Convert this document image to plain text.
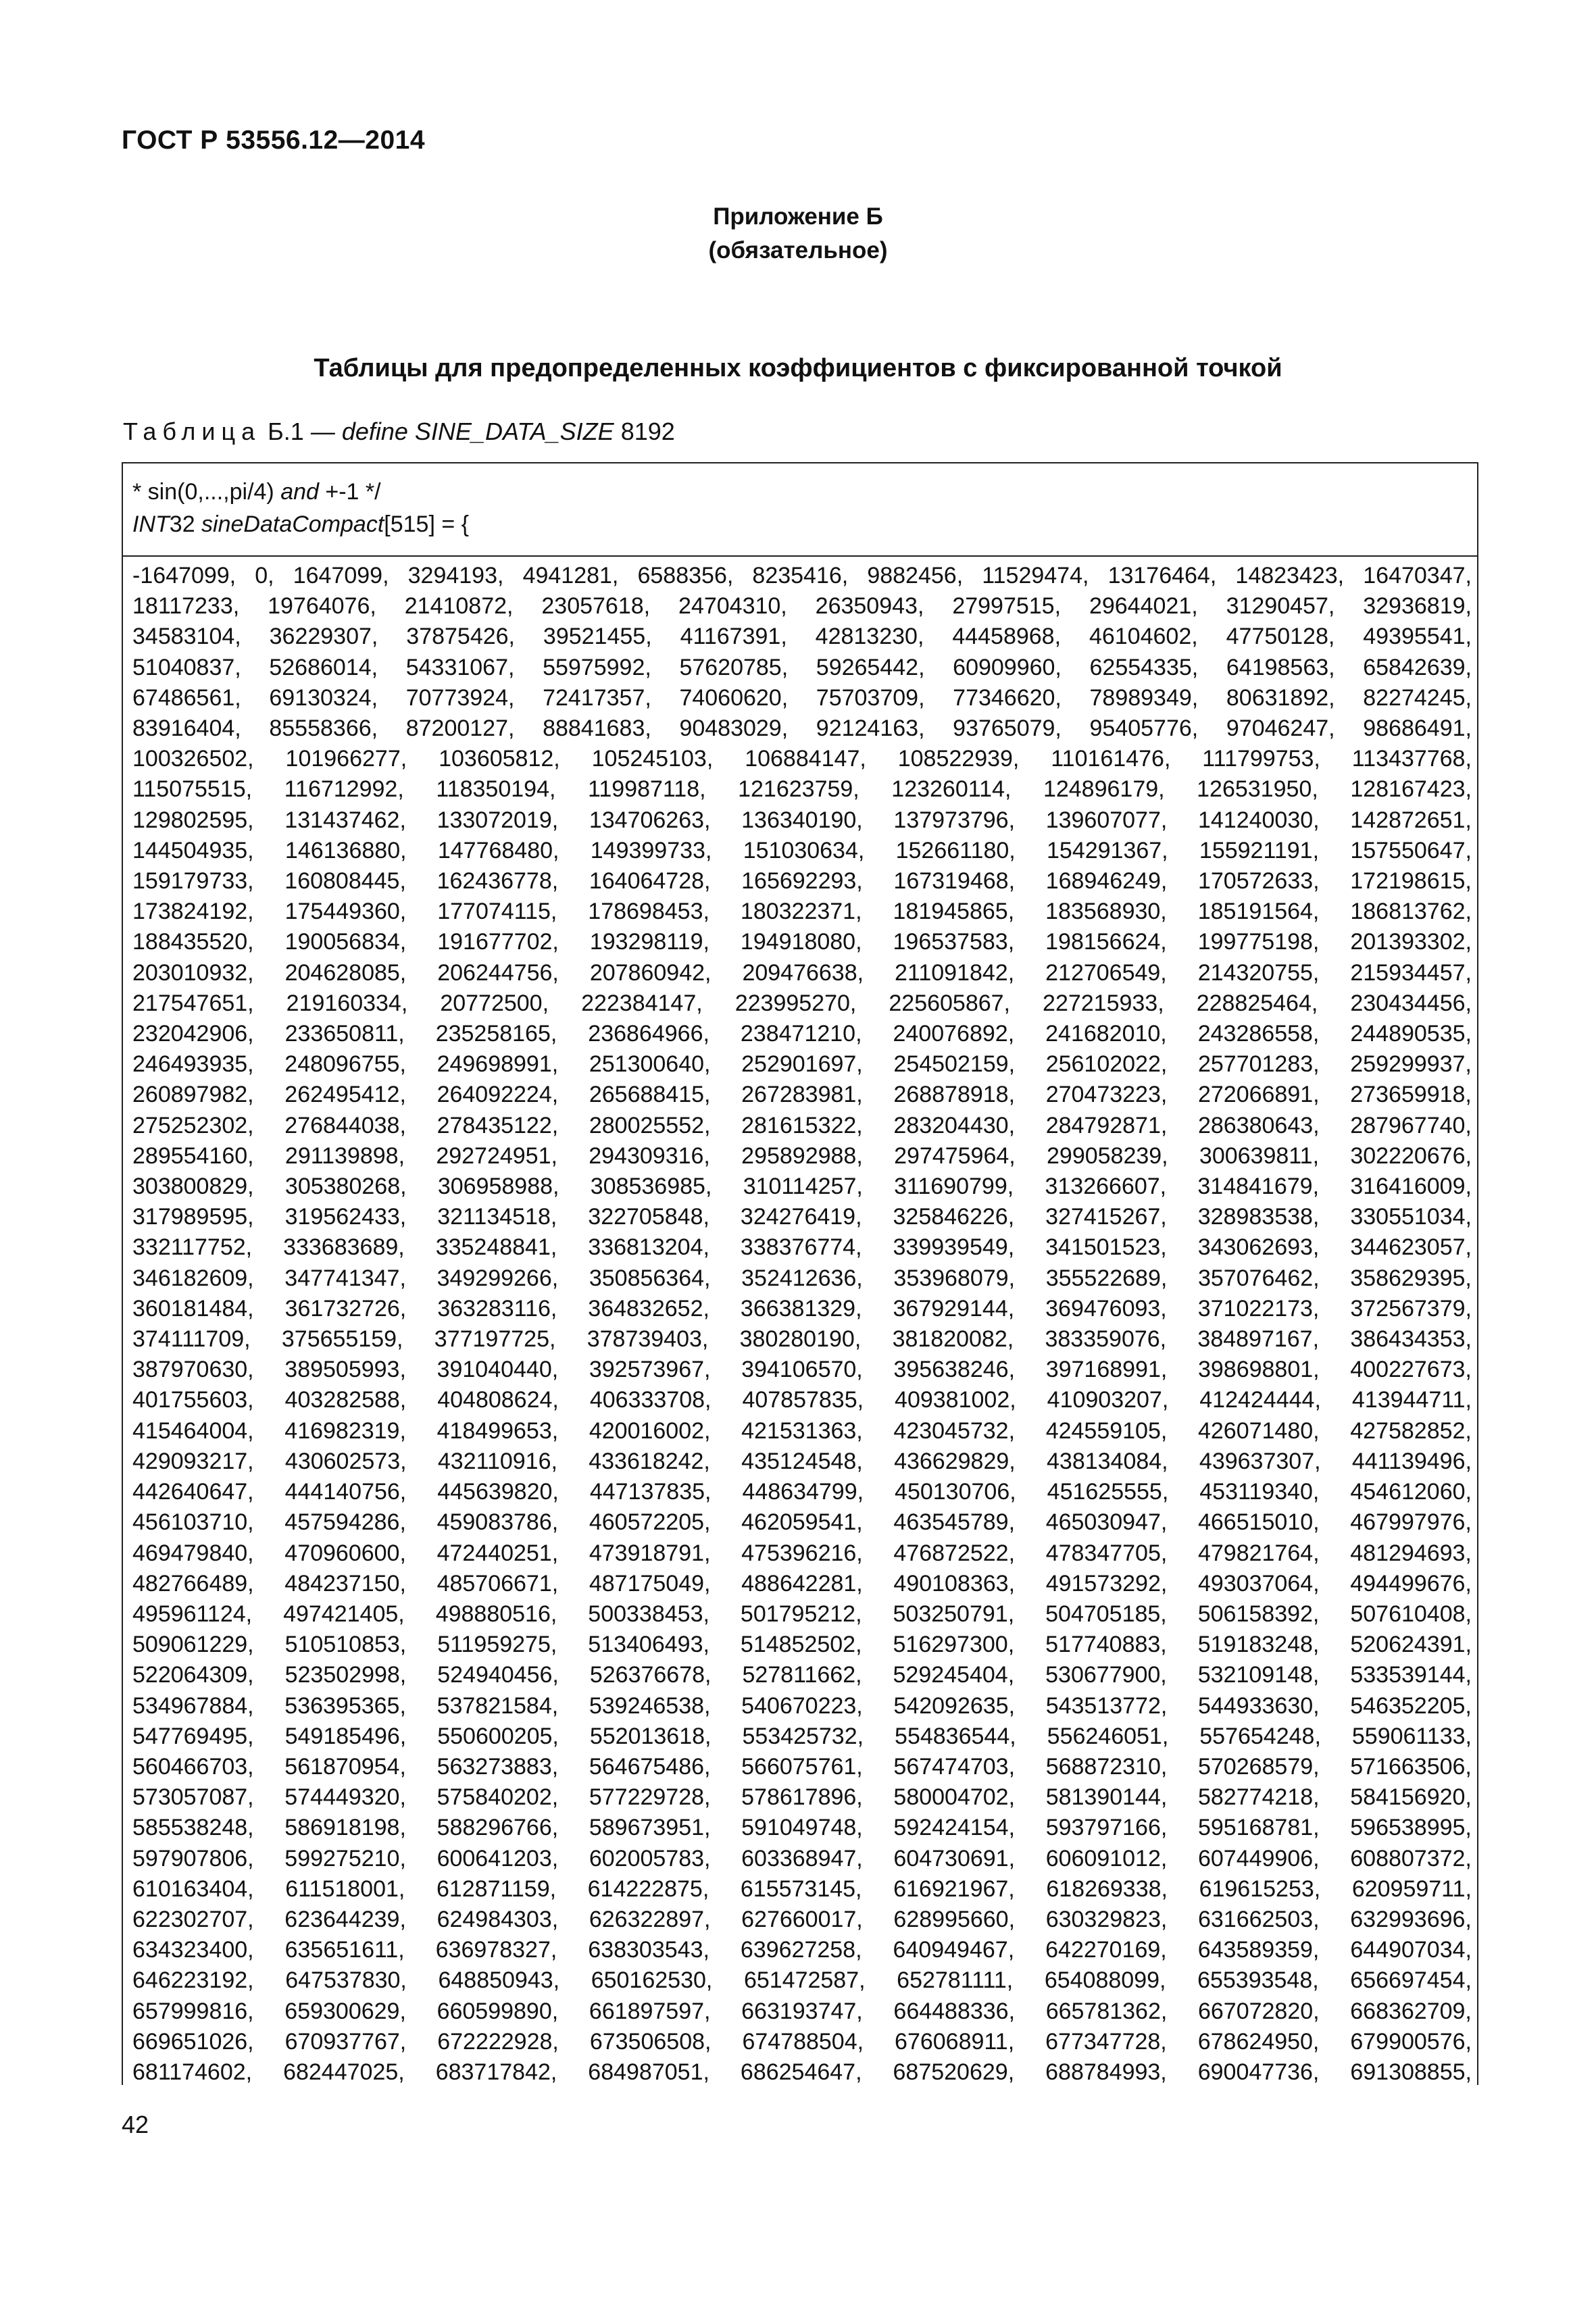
ГОСТ Р 53556.12—2014
Приложение Б
(обязательное)
Таблицы для предопределенных коэффициентов с фиксированной точкой
Таблица Б.1 — define SINE_DATA_SIZE 8192
* sin(0,...,pi/4) and +-1 */
INT32 sineDataCompact[515] = {
-1647099, 0, 1647099, 3294193, 4941281, 6588356, 8235416, 9882456, 11529474, 13176464, 14823423, 16470347,
18117233, 19764076, 21410872, 23057618, 24704310, 26350943, 27997515, 29644021, 31290457, 32936819,
34583104, 36229307, 37875426, 39521455, 41167391, 42813230, 44458968, 46104602, 47750128, 49395541,
51040837, 52686014, 54331067, 55975992, 57620785, 59265442, 60909960, 62554335, 64198563, 65842639,
67486561, 69130324, 70773924, 72417357, 74060620, 75703709, 77346620, 78989349, 80631892, 82274245,
83916404, 85558366, 87200127, 88841683, 90483029, 92124163, 93765079, 95405776, 97046247, 98686491,
100326502, 101966277, 103605812, 105245103, 106884147, 108522939, 110161476, 111799753, 113437768,
115075515, 116712992, 118350194, 119987118, 121623759, 123260114, 124896179, 126531950, 128167423,
129802595, 131437462, 133072019, 134706263, 136340190, 137973796, 139607077, 141240030, 142872651,
144504935, 146136880, 147768480, 149399733, 151030634, 152661180, 154291367, 155921191, 157550647,
159179733, 160808445, 162436778, 164064728, 165692293, 167319468, 168946249, 170572633, 172198615,
173824192, 175449360, 177074115, 178698453, 180322371, 181945865, 183568930, 185191564, 186813762,
188435520, 190056834, 191677702, 193298119, 194918080, 196537583, 198156624, 199775198, 201393302,
203010932, 204628085, 206244756, 207860942, 209476638, 211091842, 212706549, 214320755, 215934457,
217547651, 219160334, 20772500, 222384147, 223995270, 225605867, 227215933, 228825464, 230434456,
232042906, 233650811, 235258165, 236864966, 238471210, 240076892, 241682010, 243286558, 244890535,
246493935, 248096755, 249698991, 251300640, 252901697, 254502159, 256102022, 257701283, 259299937,
260897982, 262495412, 264092224, 265688415, 267283981, 268878918, 270473223, 272066891, 273659918,
275252302, 276844038, 278435122, 280025552, 281615322, 283204430, 284792871, 286380643, 287967740,
289554160, 291139898, 292724951, 294309316, 295892988, 297475964, 299058239, 300639811, 302220676,
303800829, 305380268, 306958988, 308536985, 310114257, 311690799, 313266607, 314841679, 316416009,
317989595, 319562433, 321134518, 322705848, 324276419, 325846226, 327415267, 328983538, 330551034,
332117752, 333683689, 335248841, 336813204, 338376774, 339939549, 341501523, 343062693, 344623057,
346182609, 347741347, 349299266, 350856364, 352412636, 353968079, 355522689, 357076462, 358629395,
360181484, 361732726, 363283116, 364832652, 366381329, 367929144, 369476093, 371022173, 372567379,
374111709, 375655159, 377197725, 378739403, 380280190, 381820082, 383359076, 384897167, 386434353,
387970630, 389505993, 391040440, 392573967, 394106570, 395638246, 397168991, 398698801, 400227673,
401755603, 403282588, 404808624, 406333708, 407857835, 409381002, 410903207, 412424444, 413944711,
415464004, 416982319, 418499653, 420016002, 421531363, 423045732, 424559105, 426071480, 427582852,
429093217, 430602573, 432110916, 433618242, 435124548, 436629829, 438134084, 439637307, 441139496,
442640647, 444140756, 445639820, 447137835, 448634799, 450130706, 451625555, 453119340, 454612060,
456103710, 457594286, 459083786, 460572205, 462059541, 463545789, 465030947, 466515010, 467997976,
469479840, 470960600, 472440251, 473918791, 475396216, 476872522, 478347705, 479821764, 481294693,
482766489, 484237150, 485706671, 487175049, 488642281, 490108363, 491573292, 493037064, 494499676,
495961124, 497421405, 498880516, 500338453, 501795212, 503250791, 504705185, 506158392, 507610408,
509061229, 510510853, 511959275, 513406493, 514852502, 516297300, 517740883, 519183248, 520624391,
522064309, 523502998, 524940456, 526376678, 527811662, 529245404, 530677900, 532109148, 533539144,
534967884, 536395365, 537821584, 539246538, 540670223, 542092635, 543513772, 544933630, 546352205,
547769495, 549185496, 550600205, 552013618, 553425732, 554836544, 556246051, 557654248, 559061133,
560466703, 561870954, 563273883, 564675486, 566075761, 567474703, 568872310, 570268579, 571663506,
573057087, 574449320, 575840202, 577229728, 578617896, 580004702, 581390144, 582774218, 584156920,
585538248, 586918198, 588296766, 589673951, 591049748, 592424154, 593797166, 595168781, 596538995,
597907806, 599275210, 600641203, 602005783, 603368947, 604730691, 606091012, 607449906, 608807372,
610163404, 611518001, 612871159, 614222875, 615573145, 616921967, 618269338, 619615253, 620959711,
622302707, 623644239, 624984303, 626322897, 627660017, 628995660, 630329823, 631662503, 632993696,
634323400, 635651611, 636978327, 638303543, 639627258, 640949467, 642270169, 643589359, 644907034,
646223192, 647537830, 648850943, 650162530, 651472587, 652781111, 654088099, 655393548, 656697454,
657999816, 659300629, 660599890, 661897597, 663193747, 664488336, 665781362, 667072820, 668362709,
669651026, 670937767, 672222928, 673506508, 674788504, 676068911, 677347728, 678624950, 679900576,
681174602, 682447025, 683717842, 684987051, 686254647, 687520629, 688784993, 690047736, 691308855,
42
